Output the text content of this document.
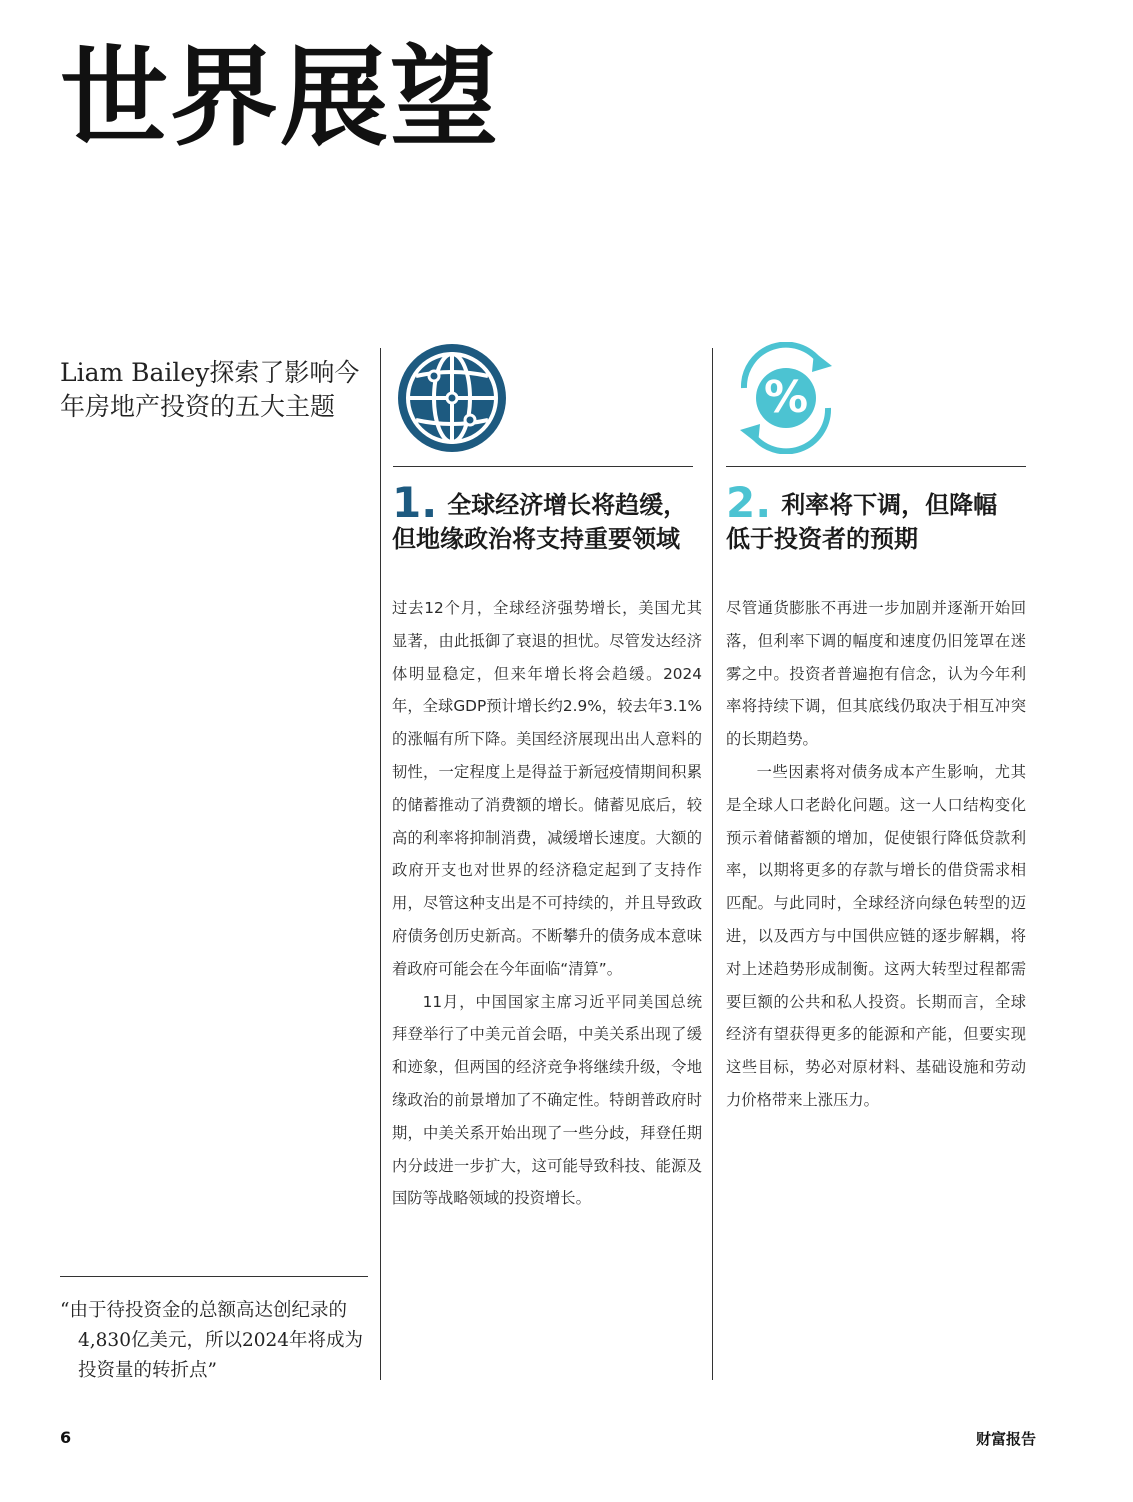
世界展望
Liam Bailey探索了影响今年房地产投资的五大主题
“由于待投资金的总额高达创纪录的
4,830亿美元，所以2024年将成为
投资量的转折点”
%
1. 全球经济增长将趋缓，
但地缘政治将支持重要领域
2. 利率将下调，但降幅
低于投资者的预期

过去12个月，全球经济强势增长，美国尤其显著，由此抵御了衰退的担忧。尽管发达经济体明显稳定，但来年增长将会趋缓。2024年，全球GDP预计增长约2.9%，较去年3.1%的涨幅有所下降。美国经济展现出出人意料的韧性，一定程度上是得益于新冠疫情期间积累的储蓄推动了消费额的增长。储蓄见底后，较高的利率将抑制消费，减缓增长速度。大额的政府开支也对世界的经济稳定起到了支持作用，尽管这种支出是不可持续的，并且导致政府债务创历史新高。不断攀升的债务成本意味着政府可能会在今年面临“清算”。

11月，中国国家主席习近平同美国总统拜登举行了中美元首会晤，中美关系出现了缓和迹象，但两国的经济竞争将继续升级，令地缘政治的前景增加了不确定性。特朗普政府时期，中美关系开始出现了一些分歧，拜登任期内分歧进一步扩大，这可能导致科技、能源及国防等战略领域的投资增长。

尽管通货膨胀不再进一步加剧并逐渐开始回落，但利率下调的幅度和速度仍旧笼罩在迷雾之中。投资者普遍抱有信念，认为今年利率将持续下调，但其底线仍取决于相互冲突的长期趋势。

一些因素将对债务成本产生影响，尤其是全球人口老龄化问题。这一人口结构变化预示着储蓄额的增加，促使银行降低贷款利率，以期将更多的存款与增长的借贷需求相匹配。与此同时，全球经济向绿色转型的迈进，以及西方与中国供应链的逐步解耦，将对上述趋势形成制衡。这两大转型过程都需要巨额的公共和私人投资。长期而言，全球经济有望获得更多的能源和产能，但要实现这些目标，势必对原材料、基础设施和劳动力价格带来上涨压力。

6	财富报告
